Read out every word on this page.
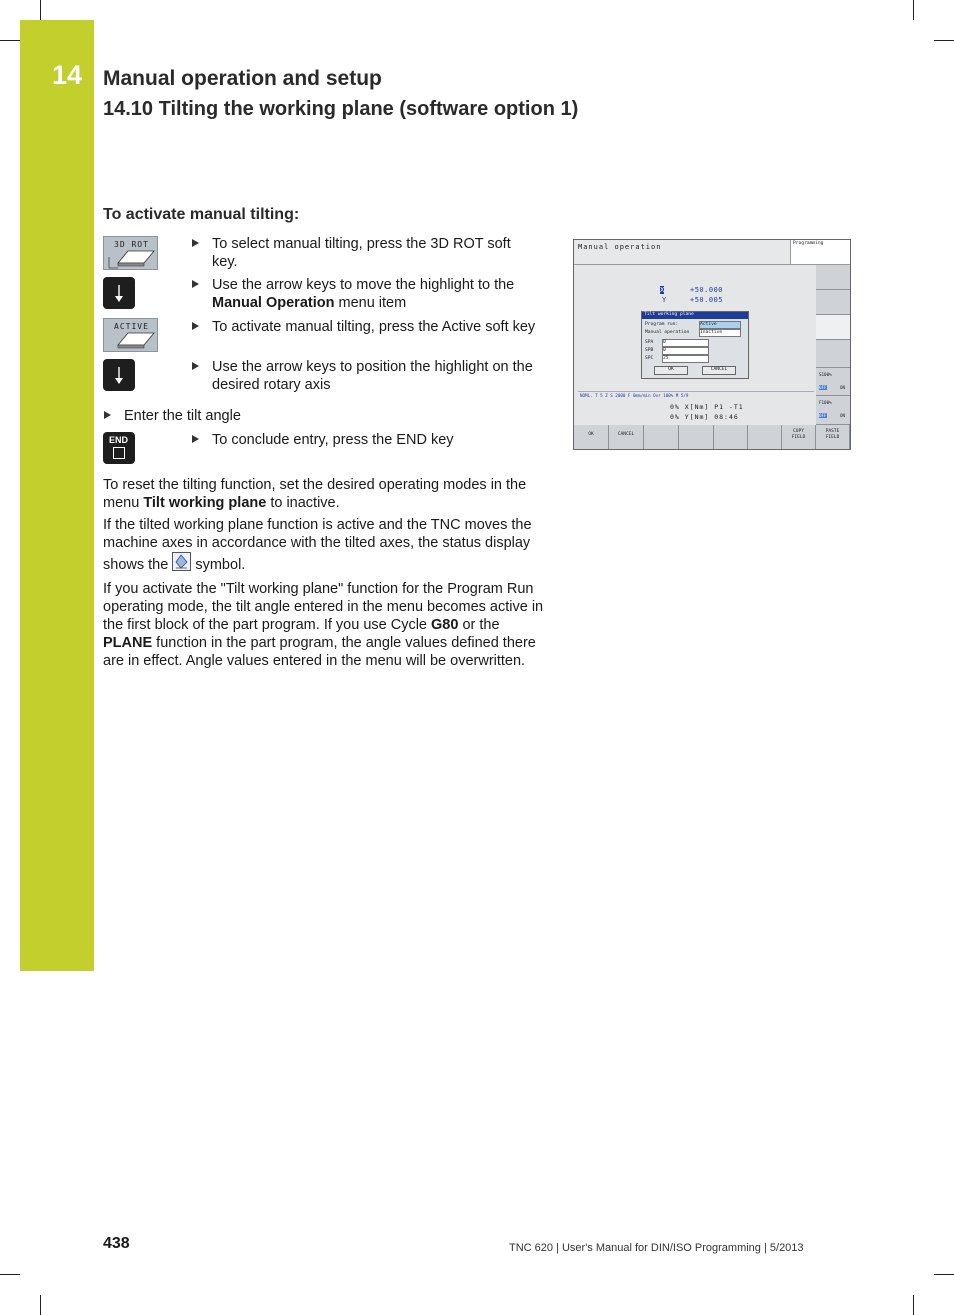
14 Manual operation and setup
14.10 Tilting the working plane (software option 1)
To activate manual tilting:
3D ROT
ACTIVE
END
To select manual tilting, press the 3D ROT soft key.
Use the arrow keys to move the highlight to the Manual Operation menu item
To activate manual tilting, press the Active soft key
Use the arrow keys to position the highlight on the desired rotary axis
Enter the tilt angle
To conclude entry, press the END key
To reset the tilting function, set the desired operating modes in the menu Tilt working plane to inactive.
If the tilted working plane function is active and the TNC moves the machine axes in accordance with the tilted axes, the status display shows the
symbol.
If you activate the "Tilt working plane" function for the Program Run operating mode, the tilt angle entered in the menu becomes active in the first block of the part program. If you use Cycle G80 or the PLANE function in the part program, the angle values defined there are in effect. Angle values entered in the menu will be overwritten.
Manual operation	Programming
X	+50.000
Y	+50.005
Tilt working plane
Program run:	Active
Manual operation Inactive
SPA 0
SPB 0
SPC 25
OK	CANCEL
NOML. T 5 Z S 2000 F 0mm/min Ovr 100% M 5/9
0% X[Nm] P1 -T1
0% Y[Nm] 08:46
S100%
OFF	ON
F100%
OFF	ON
OK	CANCEL
COPY
FIELD
PASTE
FIELD
438	TNC 620 | User's Manual for DIN/ISO Programming | 5/2013
